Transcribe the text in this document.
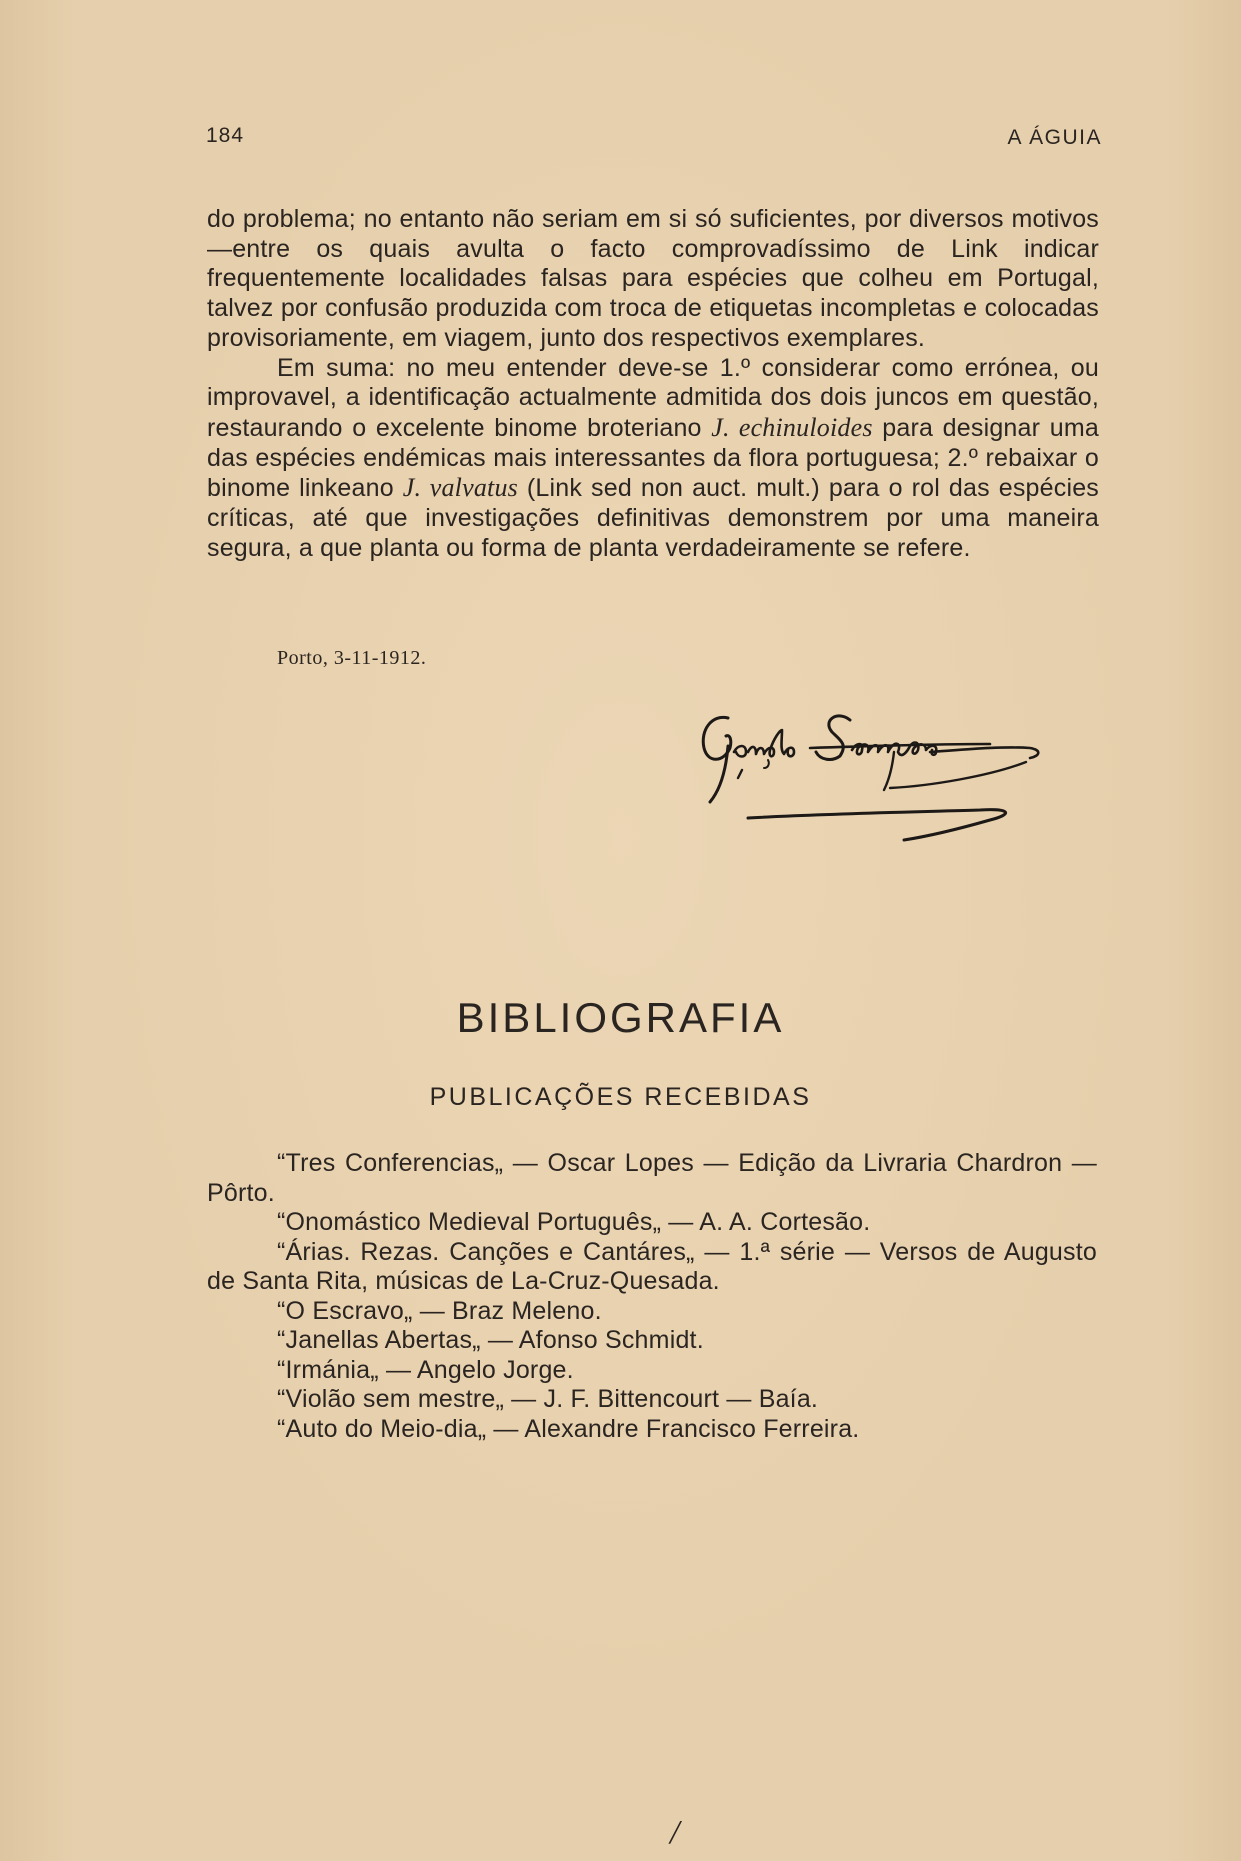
184	A ÁGUIA

do problema; no entanto não seriam em si só suficientes, por diversos motivos—entre os quais avulta o facto comprovadíssimo de Link indicar frequentemente localidades falsas para espécies que colheu em Portugal, talvez por confusão produzida com troca de etiquetas incompletas e colocadas provisoriamente, em viagem, junto dos respectivos exemplares.

Em suma: no meu entender deve-se 1.º considerar como errónea, ou improvavel, a identificação actualmente admitida dos dois juncos em questão, restaurando o excelente binome broteriano J. echinuloides para designar uma das espécies endémicas mais interessantes da flora portuguesa; 2.º rebaixar o binome linkeano J. valvatus (Link sed non auct. mult.) para o rol das espécies críticas, até que investigações definitivas demonstrem por uma maneira segura, a que planta ou forma de planta verdadeiramente se refere.

Porto, 3-11-1912.
BIBLIOGRAFIA
PUBLICAÇÕES RECEBIDAS
“Tres Conferencias„ — Oscar Lopes — Edição da Livraria Chardron — Pôrto.
“Onomástico Medieval Português„ — A. A. Cortesão.
“Árias. Rezas. Canções e Cantáres„ — 1.ª série — Versos de Augusto de Santa Rita, músicas de La-Cruz-Quesada.
“O Escravo„ — Braz Meleno.
“Janellas Abertas„ — Afonso Schmidt.
“Irmánia„ — Angelo Jorge.
“Violão sem mestre„ — J. F. Bittencourt — Baía.
“Auto do Meio-dia„ — Alexandre Francisco Ferreira.
/
